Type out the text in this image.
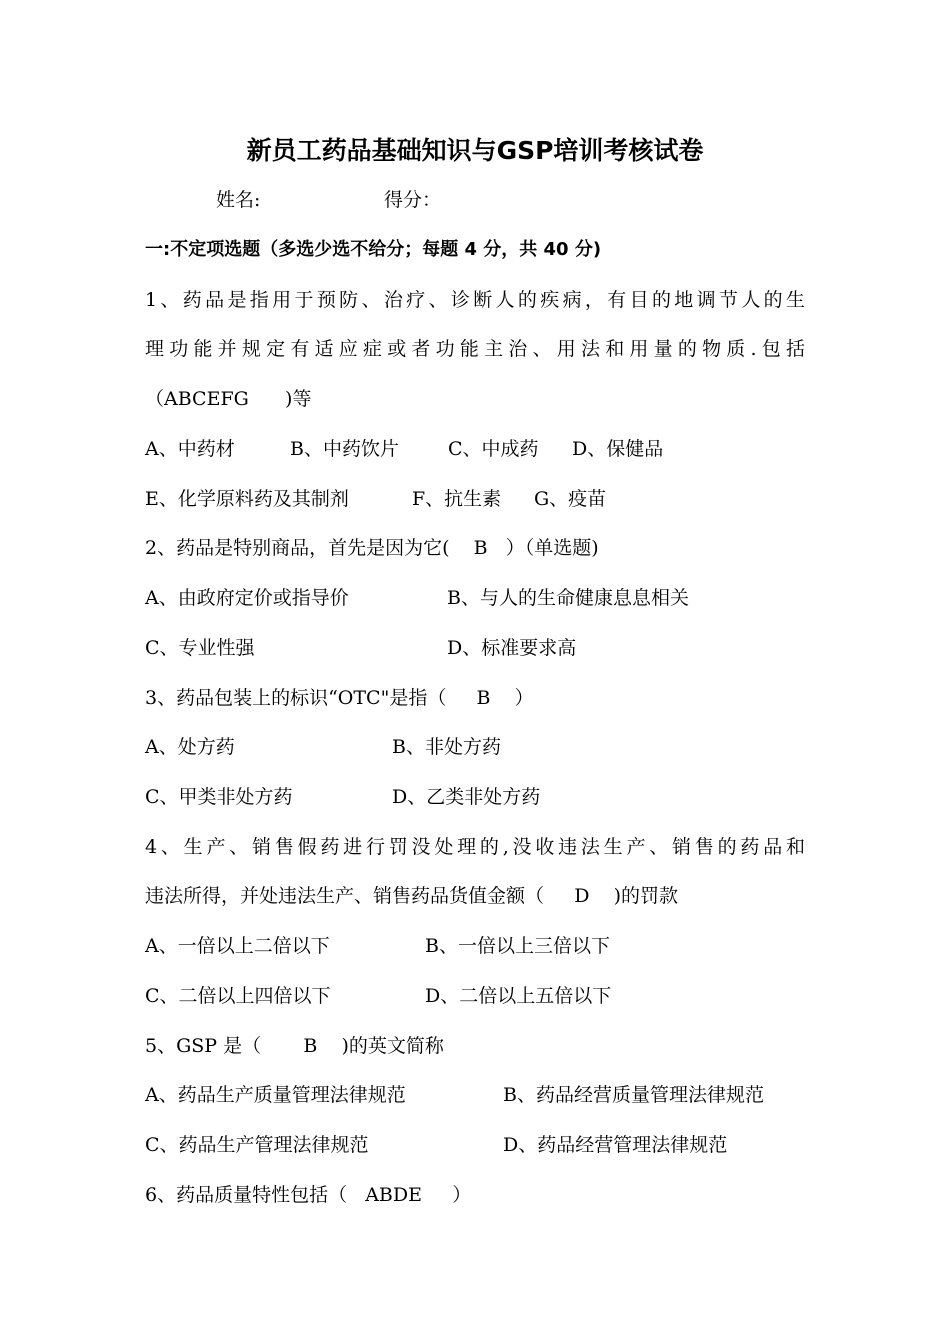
新员工药品基础知识与GSP培训考核试卷
姓名:	得分：
一:不定项选题（多选少选不给分；每题 4 分，共 40 分)
1、药品是指用于预防、治疗、诊断人的疾病，有目的地调节人的生
理功能并规定有适应症或者功能主治、用法和用量的物质.包括
（ABCEFG      )等
A、中药材	B、中药饮片	C、中成药 D、保健品
E、化学原料药及其制剂	F、抗生素 G、疫苗
2、药品是特别商品，首先是因为它(    B   ）（单选题)
A、由政府定价或指导价	B、与人的生命健康息息相关
C、专业性强	D、标准要求高
3、药品包装上的标识“OTC"是指（     B    ）
A、处方药	B、非处方药
C、甲类非处方药	D、乙类非处方药
4、生产、销售假药进行罚没处理的,没收违法生产、销售的药品和
违法所得，并处违法生产、销售药品货值金额（     D    )的罚款
A、一倍以上二倍以下	B、一倍以上三倍以下
C、二倍以上四倍以下	D、二倍以上五倍以下
5、GSP 是（       B    )的英文简称
A、药品生产质量管理法律规范	B、药品经营质量管理法律规范
C、药品生产管理法律规范	D、药品经营管理法律规范
6、药品质量特性包括（   ABDE     ）
